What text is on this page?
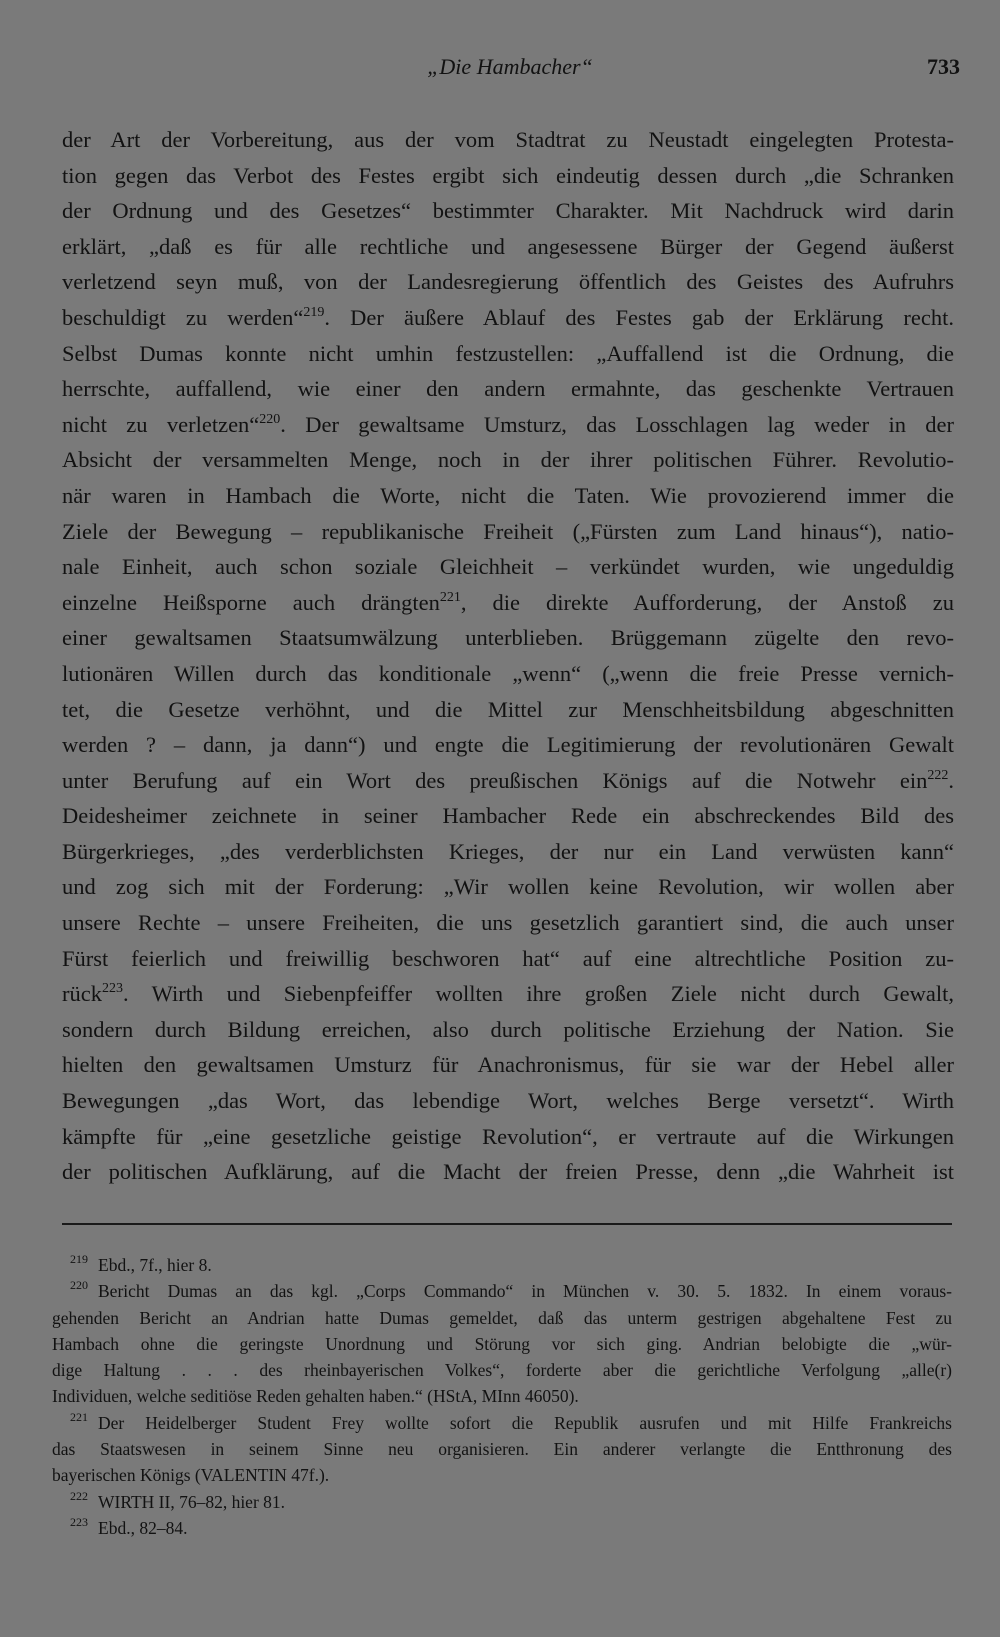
„Die Hambacher“	733
der Art der Vorbereitung, aus der vom Stadtrat zu Neustadt eingelegten Protesta-
tion gegen das Verbot des Festes ergibt sich eindeutig dessen durch „die Schranken
der Ordnung und des Gesetzes“ bestimmter Charakter. Mit Nachdruck wird darin
erklärt, „daß es für alle rechtliche und angesessene Bürger der Gegend äußerst
verletzend seyn muß, von der Landesregierung öffentlich des Geistes des Aufruhrs
beschuldigt zu werden“$^{219}$. Der äußere Ablauf des Festes gab der Erklärung recht.
Selbst Dumas konnte nicht umhin festzustellen: „Auffallend ist die Ordnung, die
herrschte, auffallend, wie einer den andern ermahnte, das geschenkte Vertrauen
nicht zu verletzen“$^{220}$. Der gewaltsame Umsturz, das Losschlagen lag weder in der
Absicht der versammelten Menge, noch in der ihrer politischen Führer. Revolutio-
när waren in Hambach die Worte, nicht die Taten. Wie provozierend immer die
Ziele der Bewegung – republikanische Freiheit („Fürsten zum Land hinaus“), natio-
nale Einheit, auch schon soziale Gleichheit – verkündet wurden, wie ungeduldig
einzelne Heißsporne auch drängten$^{221}$, die direkte Aufforderung, der Anstoß zu
einer gewaltsamen Staatsumwälzung unterblieben. Brüggemann zügelte den revo-
lutionären Willen durch das konditionale „wenn“ („wenn die freie Presse vernich-
tet, die Gesetze verhöhnt, und die Mittel zur Menschheitsbildung abgeschnitten
werden ? – dann, ja dann“) und engte die Legitimierung der revolutionären Gewalt
unter Berufung auf ein Wort des preußischen Königs auf die Notwehr ein$^{222}$.
Deidesheimer zeichnete in seiner Hambacher Rede ein abschreckendes Bild des
Bürgerkrieges, „des verderblichsten Krieges, der nur ein Land verwüsten kann“
und zog sich mit der Forderung: „Wir wollen keine Revolution, wir wollen aber
unsere Rechte – unsere Freiheiten, die uns gesetzlich garantiert sind, die auch unser
Fürst feierlich und freiwillig beschworen hat“ auf eine altrechtliche Position zu-
rück$^{223}$. Wirth und Siebenpfeiffer wollten ihre großen Ziele nicht durch Gewalt,
sondern durch Bildung erreichen, also durch politische Erziehung der Nation. Sie
hielten den gewaltsamen Umsturz für Anachronismus, für sie war der Hebel aller
Bewegungen „das Wort, das lebendige Wort, welches Berge versetzt“. Wirth
kämpfte für „eine gesetzliche geistige Revolution“, er vertraute auf die Wirkungen
der politischen Aufklärung, auf die Macht der freien Presse, denn „die Wahrheit ist
219 Ebd., 7f., hier 8.
220 Bericht Dumas an das kgl. „Corps Commando“ in München v. 30. 5. 1832. In einem voraus-
gehenden Bericht an Andrian hatte Dumas gemeldet, daß das unterm gestrigen abgehaltene Fest zu
Hambach ohne die geringste Unordnung und Störung vor sich ging. Andrian belobigte die „wür-
dige Haltung . . . des rheinbayerischen Volkes“, forderte aber die gerichtliche Verfolgung „alle(r)
Individuen, welche seditiöse Reden gehalten haben.“ (HStA, MInn 46050).
221 Der Heidelberger Student Frey wollte sofort die Republik ausrufen und mit Hilfe Frankreichs
das Staatswesen in seinem Sinne neu organisieren. Ein anderer verlangte die Entthronung des
bayerischen Königs (VALENTIN 47f.).
222 WIRTH II, 76–82, hier 81.
223 Ebd., 82–84.
